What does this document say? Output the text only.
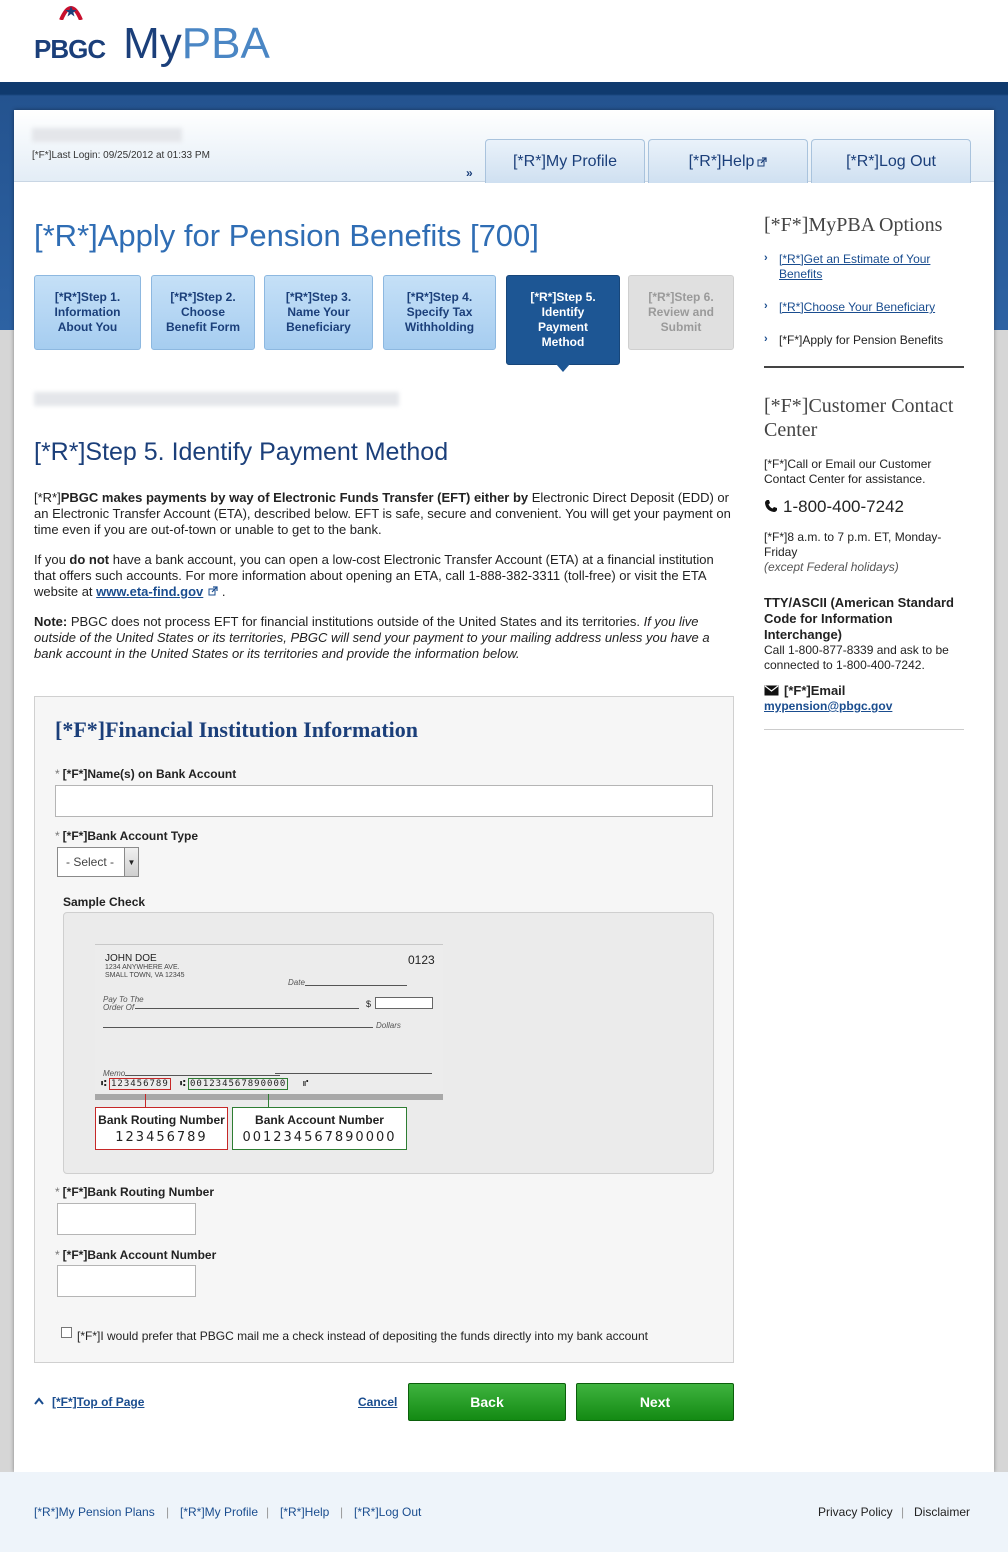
PBGC My PBA
[*F*]Last Login: 09/25/2012 at 01:33 PM
»
[*R*]My Profile	[*R*]Help	[*R*]Log Out
[*R*]Apply for Pension Benefits [700]
[*R*]Step 1.
Information
About You
[*R*]Step 2.
Choose
Benefit Form
[*R*]Step 3.
Name Your
Beneficiary
[*R*]Step 4.
Specify Tax
Withholding
[*R*]Step 5.
Identify
Payment
Method
[*R*]Step 6.
Review and
Submit
[*R*]Step 5. Identify Payment Method

[*R*]PBGC makes payments by way of Electronic Funds Transfer (EFT) either by Electronic Direct Deposit (EDD) or an Electronic Transfer Account (ETA), described below. EFT is safe, secure and convenient. You will get your payment on time even if you are out-of-town or unable to get to the bank.

If you do not have a bank account, you can open a low-cost Electronic Transfer Account (ETA) at a financial institution that offers such accounts. For more information about opening an ETA, call 1-888-382-3311 (toll-free) or visit the ETA website at www.eta-find.gov .

Note: PBGC does not process EFT for financial institutions outside of the United States and its territories. If you live outside of the United States or its territories, PBGC will send your payment to your mailing address unless you have a bank account in the United States or its territories and provide the information below.

[*F*]Financial Institution Information
* [*F*]Name(s) on Bank Account
* [*F*]Bank Account Type
- Select -	▼
Sample Check
JOHN DOE
1234 ANYWHERE AVE.
SMALL TOWN, VA 12345
0123
Date
Pay To The
Order Of	$
Dollars
Memo
⑆ 123456789 ⑆ 001234567890000 ⑈
Bank Routing Number
123456789
Bank Account Number
001234567890000
* [*F*]Bank Routing Number
* [*F*]Bank Account Number
[*F*]I would prefer that PBGC mail me a check instead of depositing the funds directly into my bank account
[*F*]Top of Page	Cancel	Back	Next
[*F*]MyPBA Options
› [*R*]Get an Estimate of Your Benefits
› [*R*]Choose Your Beneficiary
› [*F*]Apply for Pension Benefits
[*F*]Customer Contact Center
[*F*]Call or Email our Customer Contact Center for assistance.
1-800-400-7242
[*F*]8 a.m. to 7 p.m. ET, Monday-Friday
(except Federal holidays)
TTY/ASCII (American Standard Code for Information Interchange)
Call 1-800-877-8339 and ask to be connected to 1-800-400-7242.
[*F*]Email
mypension@pbgc.gov
[*R*]My Pension Plans | [*R*]My Profile | [*R*]Help | [*R*]Log Out	Privacy Policy | Disclaimer
